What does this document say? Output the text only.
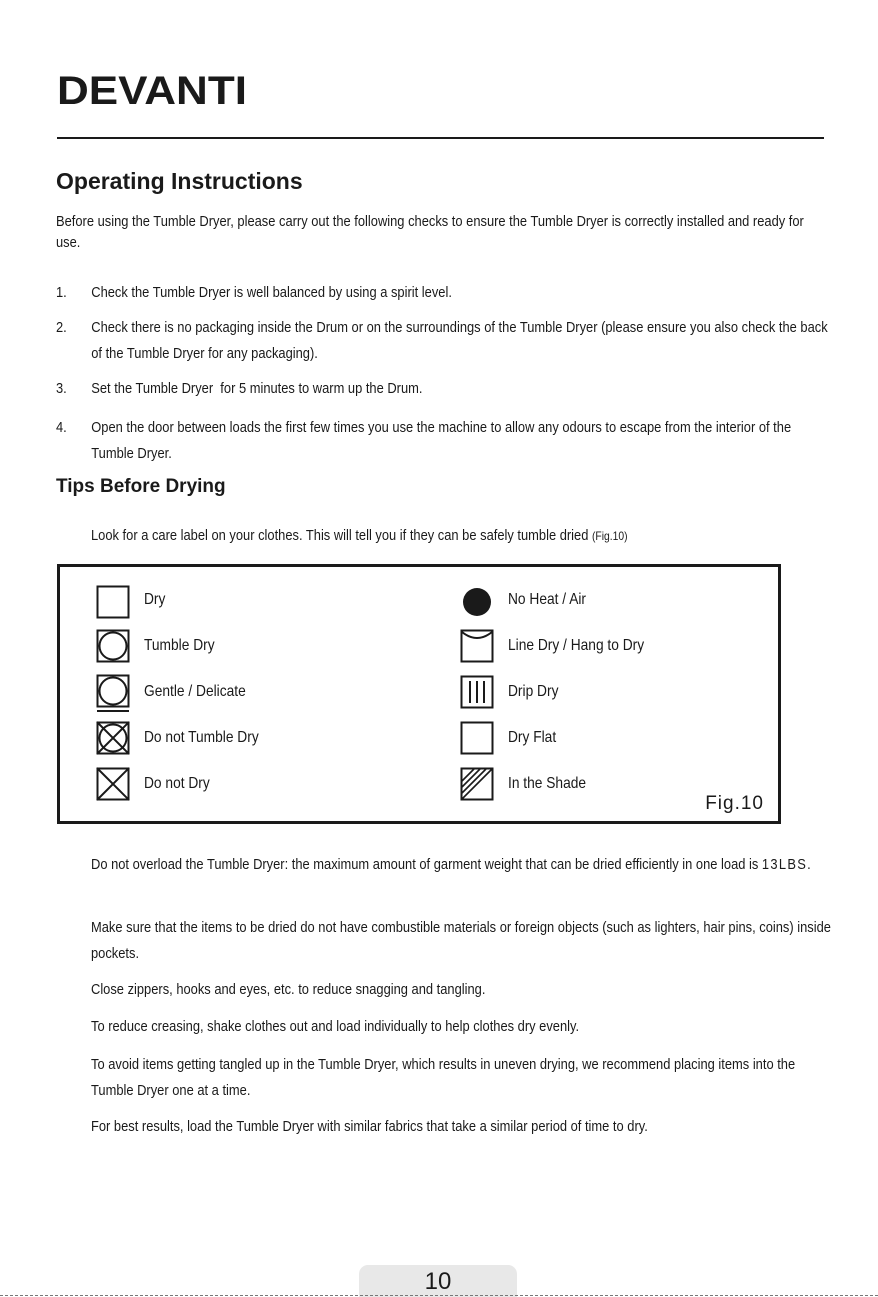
DEVANTI
Operating Instructions

Before using the Tumble Dryer, please carry out the following checks to ensure the Tumble Dryer is correctly installed and ready for use.

1.	Check the Tumble Dryer is well balanced by using a spirit level.
2.	Check there is no packaging inside the Drum or on the surroundings of the Tumble Dryer (please ensure you also check the back of the Tumble Dryer for any packaging).
3.	Set the Tumble Dryer  for 5 minutes to warm up the Drum.
4.	Open the door between loads the first few times you use the machine to allow any odours to escape from the interior of the Tumble Dryer.
Tips Before Drying

Look for a care label on your clothes. This will tell you if they can be safely tumble dried (Fig.10)

Dry
Tumble Dry
Gentle / Delicate
Do not Tumble Dry
Do not Dry
No Heat / Air
Line Dry / Hang to Dry
Drip Dry
Dry Flat
In the Shade
Fig.10

Do not overload the Tumble Dryer: the maximum amount of garment weight that can be dried efficiently in one load is 13LBS.

Make sure that the items to be dried do not have combustible materials or foreign objects (such as lighters, hair pins, coins) inside pockets.

Close zippers, hooks and eyes, etc. to reduce snagging and tangling.

To reduce creasing, shake clothes out and load individually to help clothes dry evenly.

To avoid items getting tangled up in the Tumble Dryer, which results in uneven drying, we recommend placing items into the Tumble Dryer one at a time.

For best results, load the Tumble Dryer with similar fabrics that take a similar period of time to dry.

10
